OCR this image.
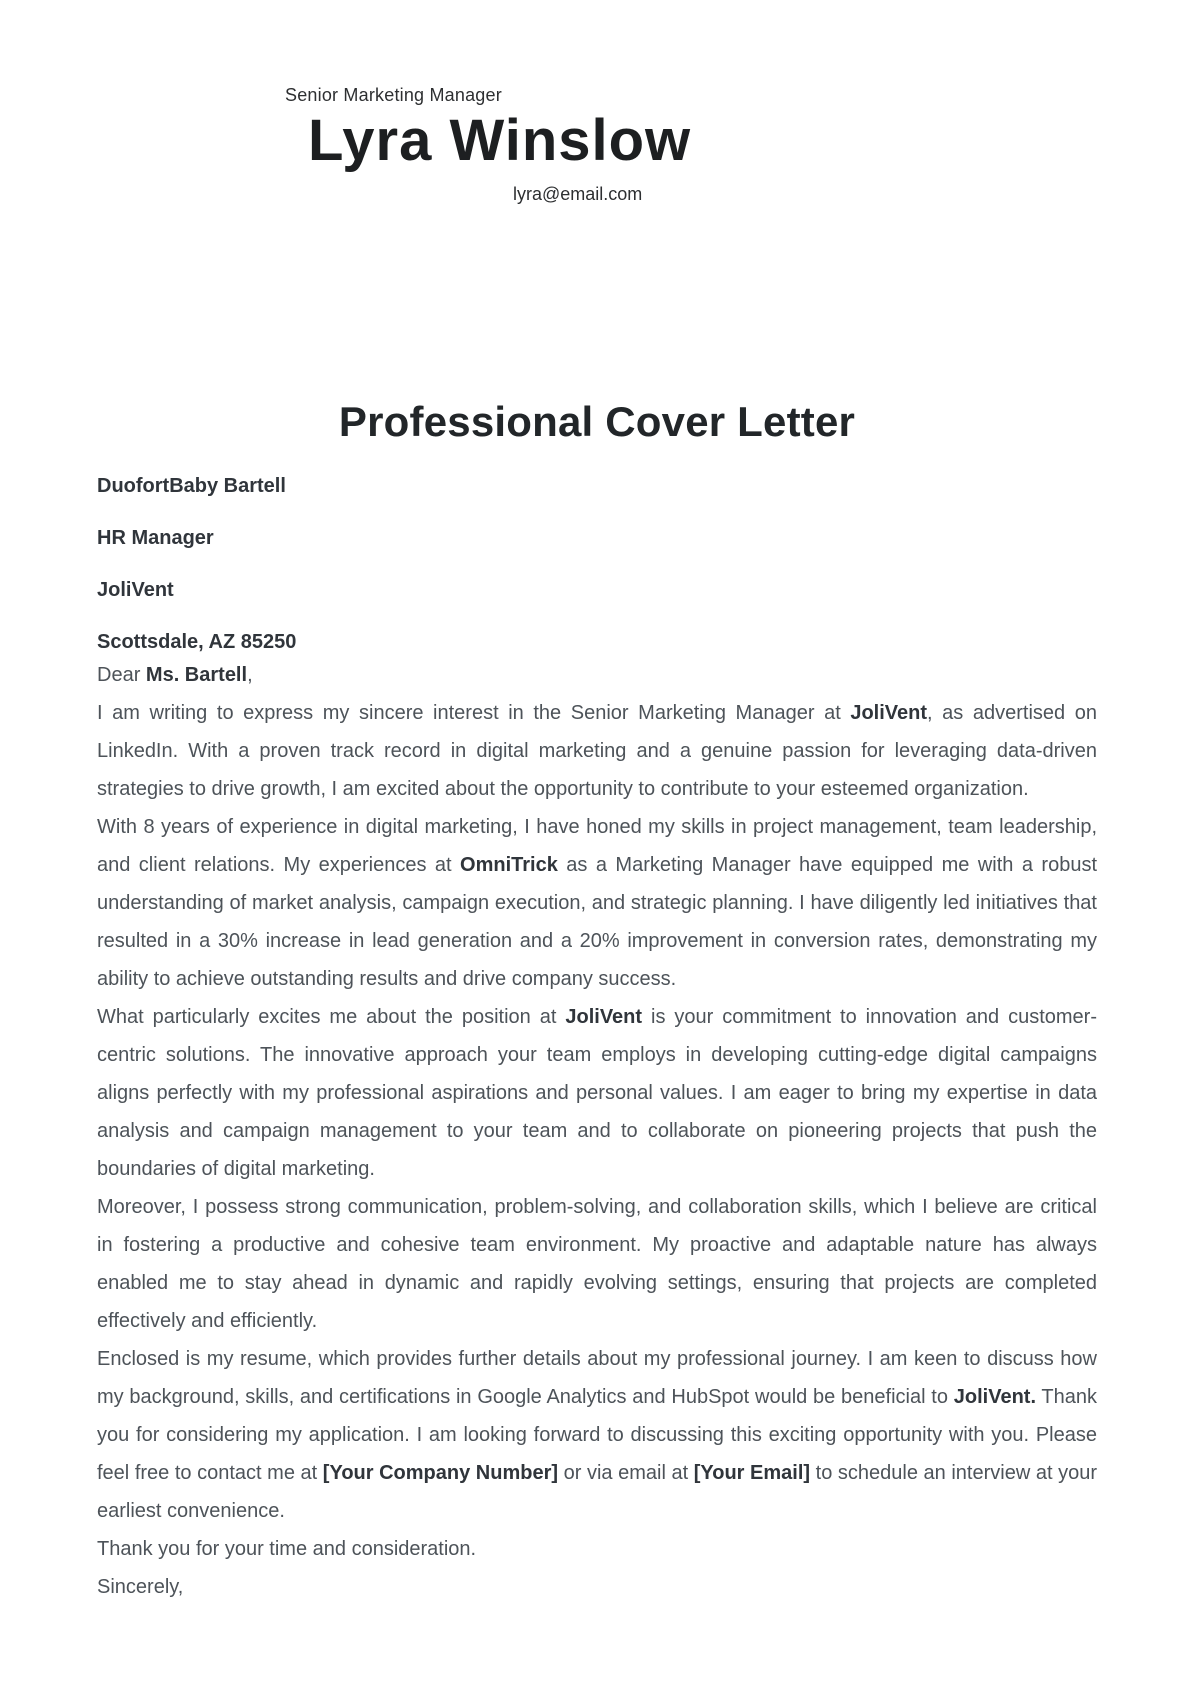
Senior Marketing Manager
Lyra Winslow
lyra@email.com
Professional Cover Letter

DuofortBaby Bartell

HR Manager

JoliVent

Scottsdale, AZ 85250

Dear Ms. Bartell,

I am writing to express my sincere interest in the Senior Marketing Manager at JoliVent, as advertised on LinkedIn. With a proven track record in digital marketing and a genuine passion for leveraging data-driven strategies to drive growth, I am excited about the opportunity to contribute to your esteemed organization.

With 8 years of experience in digital marketing, I have honed my skills in project management, team leadership, and client relations. My experiences at OmniTrick as a Marketing Manager have equipped me with a robust understanding of market analysis, campaign execution, and strategic planning. I have diligently led initiatives that resulted in a 30% increase in lead generation and a 20% improvement in conversion rates, demonstrating my ability to achieve outstanding results and drive company success.

What particularly excites me about the position at JoliVent is your commitment to innovation and customer-centric solutions. The innovative approach your team employs in developing cutting-edge digital campaigns aligns perfectly with my professional aspirations and personal values. I am eager to bring my expertise in data analysis and campaign management to your team and to collaborate on pioneering projects that push the boundaries of digital marketing.

Moreover, I possess strong communication, problem-solving, and collaboration skills, which I believe are critical in fostering a productive and cohesive team environment. My proactive and adaptable nature has always enabled me to stay ahead in dynamic and rapidly evolving settings, ensuring that projects are completed effectively and efficiently.

Enclosed is my resume, which provides further details about my professional journey. I am keen to discuss how my background, skills, and certifications in Google Analytics and HubSpot would be beneficial to JoliVent. Thank you for considering my application. I am looking forward to discussing this exciting opportunity with you. Please feel free to contact me at [Your Company Number] or via email at [Your Email] to schedule an interview at your earliest convenience.

Thank you for your time and consideration.

Sincerely,
